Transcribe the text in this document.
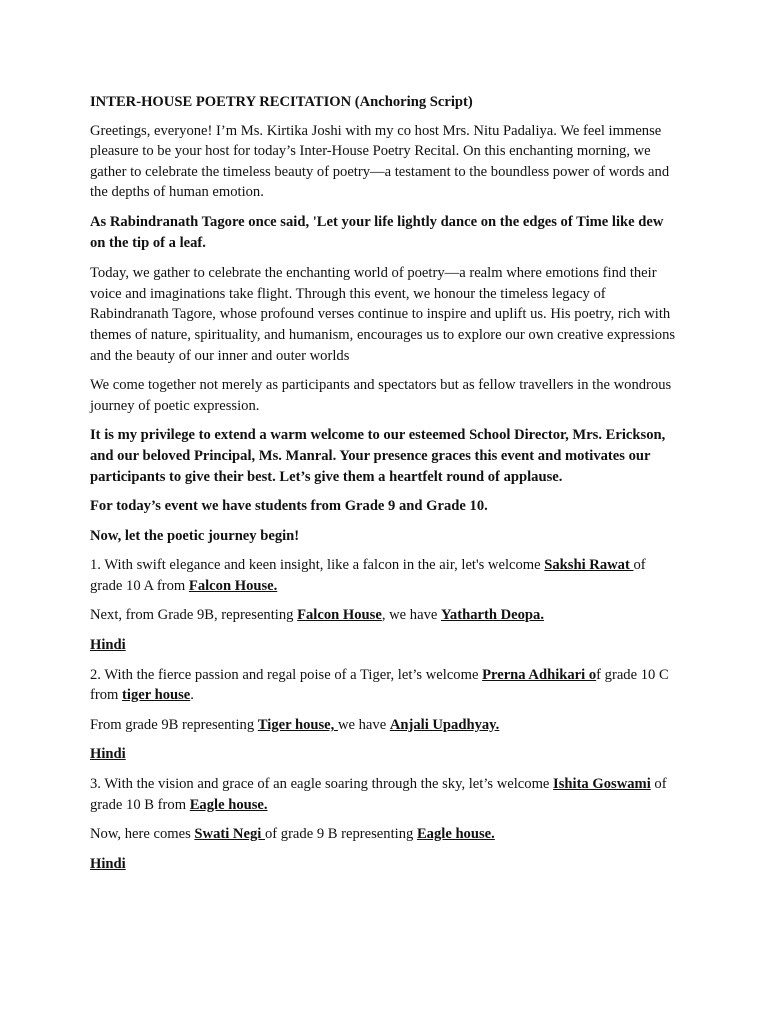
INTER-HOUSE POETRY RECITATION (Anchoring Script)

Greetings, everyone! I’m Ms. Kirtika Joshi with my co host Mrs. Nitu Padaliya. We feel immense pleasure to be your host for today’s Inter-House Poetry Recital. On this enchanting morning, we gather to celebrate the timeless beauty of poetry—a testament to the boundless power of words and the depths of human emotion.

As Rabindranath Tagore once said, 'Let your life lightly dance on the edges of Time like dew on the tip of a leaf.

Today, we gather to celebrate the enchanting world of poetry—a realm where emotions find their voice and imaginations take flight. Through this event, we honour the timeless legacy of Rabindranath Tagore, whose profound verses continue to inspire and uplift us. His poetry, rich with themes of nature, spirituality, and humanism, encourages us to explore our own creative expressions and the beauty of our inner and outer worlds

We come together not merely as participants and spectators but as fellow travellers in the wondrous journey of poetic expression.

It is my privilege to extend a warm welcome to our esteemed School Director, Mrs. Erickson, and our beloved Principal, Ms. Manral. Your presence graces this event and motivates our participants to give their best. Let’s give them a heartfelt round of applause.

For today’s event we have students from Grade 9 and Grade 10.

Now, let the poetic journey begin!

1. With swift elegance and keen insight, like a falcon in the air, let's welcome Sakshi Rawat of grade 10 A from Falcon House.

Next, from Grade 9B, representing Falcon House, we have Yatharth Deopa.

Hindi

2. With the fierce passion and regal poise of a Tiger, let’s welcome Prerna Adhikari of grade 10 C from tiger house.

From grade 9B representing Tiger house, we have Anjali Upadhyay.

Hindi

3. With the vision and grace of an eagle soaring through the sky, let’s welcome Ishita Goswami of grade 10 B from Eagle house.

Now, here comes Swati Negi of grade 9 B representing Eagle house.

Hindi
